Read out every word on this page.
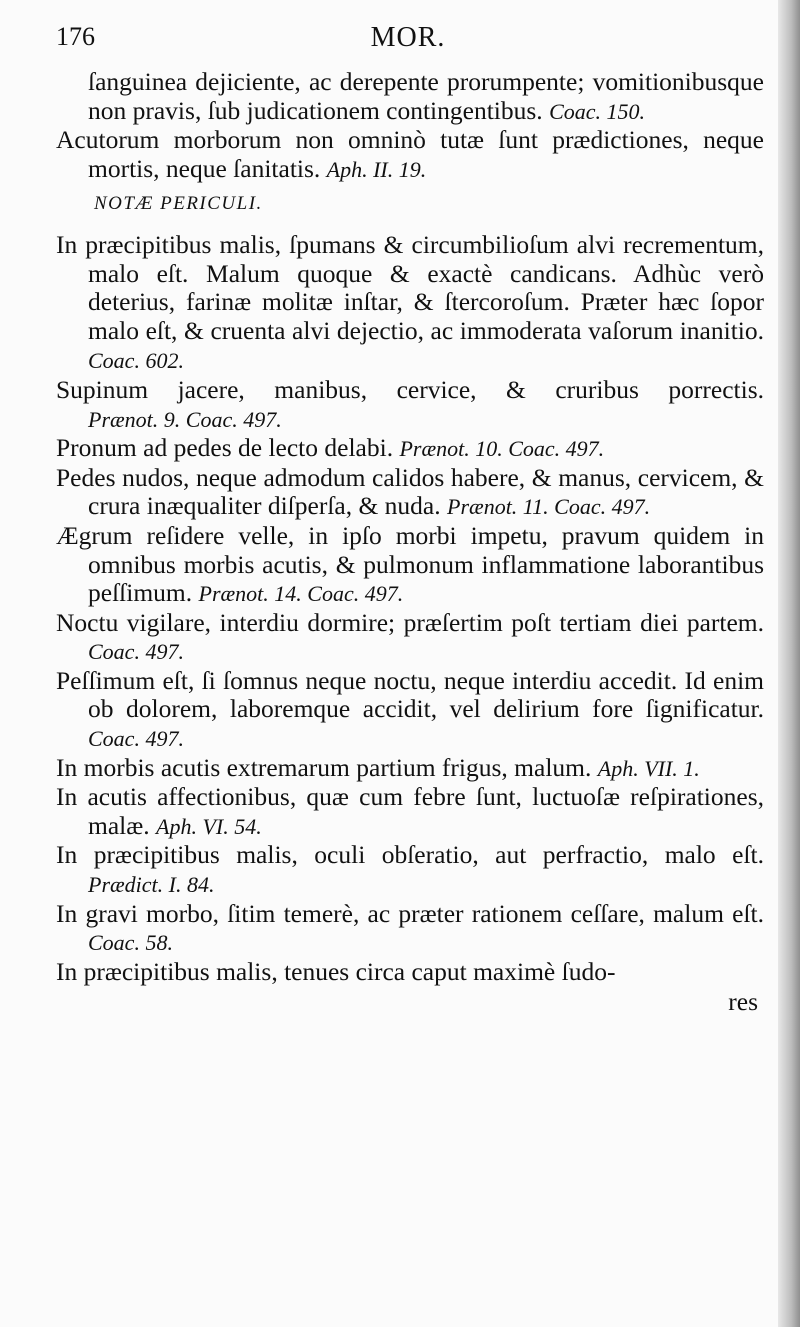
176	MOR.

ſanguinea dejiciente, ac derepente prorumpente; vomitionibusque non pravis, ſub judicationem contingentibus. Coac. 150.

Acutorum morborum non omninò tutæ ſunt prædictiones, neque mortis, neque ſanitatis. Aph. II. 19.

NOTÆ PERICULI.

In præcipitibus malis, ſpumans & circumbilioſum alvi recrementum, malo eſt. Malum quoque & exactè candicans. Adhùc verò deterius, farinæ molitæ inſtar, & ſtercoroſum. Præter hæc ſopor malo eſt, & cruenta alvi dejectio, ac immoderata vaſorum inanitio. Coac. 602.

Supinum jacere, manibus, cervice, & cruribus porrectis. Prænot. 9. Coac. 497.

Pronum ad pedes de lecto delabi. Prænot. 10. Coac. 497.

Pedes nudos, neque admodum calidos habere, & manus, cervicem, & crura inæqualiter diſperſa, & nuda. Prænot. 11. Coac. 497.

Ægrum reſidere velle, in ipſo morbi impetu, pravum quidem in omnibus morbis acutis, & pulmonum inflammatione laborantibus peſſimum. Prænot. 14. Coac. 497.

Noctu vigilare, interdiu dormire; præſertim poſt tertiam diei partem. Coac. 497.

Peſſimum eſt, ſi ſomnus neque noctu, neque interdiu accedit. Id enim ob dolorem, laboremque accidit, vel delirium fore ſignificatur. Coac. 497.

In morbis acutis extremarum partium frigus, malum. Aph. VII. 1.

In acutis affectionibus, quæ cum febre ſunt, luctuoſæ reſpirationes, malæ. Aph. VI. 54.

In præcipitibus malis, oculi obſeratio, aut perfractio, malo eſt. Prædict. I. 84.

In gravi morbo, ſitim temerè, ac præter rationem ceſſare, malum eſt. Coac. 58.

In præcipitibus malis, tenues circa caput maximè ſudo-

res
